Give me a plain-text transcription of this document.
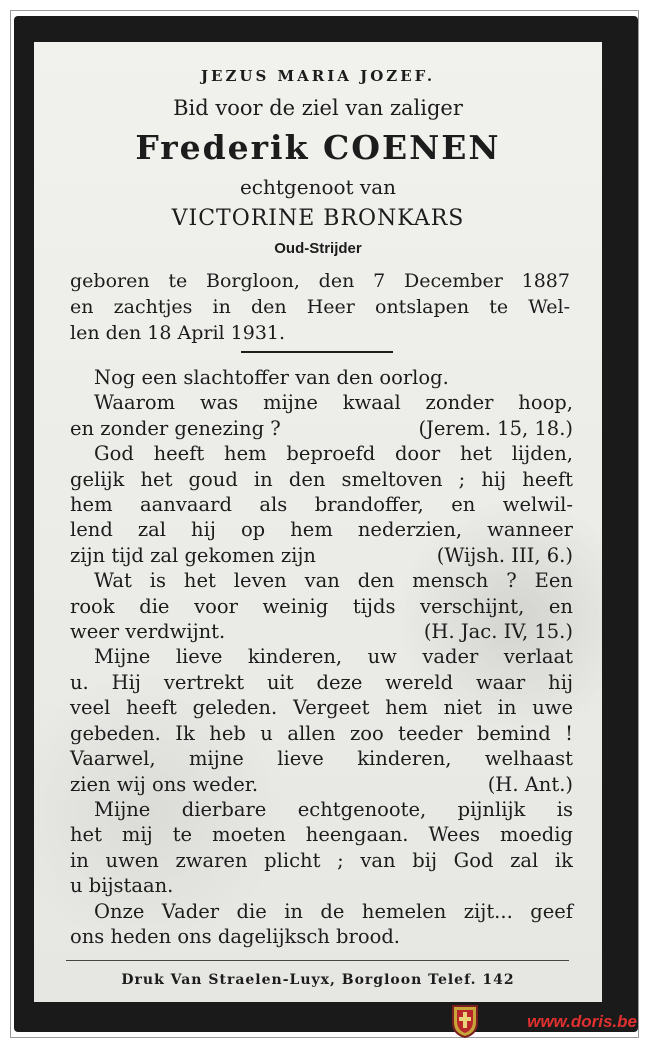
JEZUS MARIA JOZEF.

Bid voor de ziel van zaliger

Frederik COENEN

echtgenoot van

VICTORINE BRONKARS

Oud-Strijder

geboren te Borgloon, den 7 December 1887
en zachtjes in den Heer ontslapen te Wel-
len den 18 April 1931.
Nog een slachtoffer van den oorlog.
Waarom was mijne kwaal zonder hoop,
en zonder genezing ?	(Jerem. 15, 18.)
God heeft hem beproefd door het lijden,
gelijk het goud in den smeltoven ; hij heeft
hem aanvaard als brandoffer, en welwil-
lend zal hij op hem nederzien, wanneer
zijn tijd zal gekomen zijn	(Wijsh. III, 6.)
Wat is het leven van den mensch ? Een
rook die voor weinig tijds verschijnt, en
weer verdwijnt.	(H. Jac. IV, 15.)
Mijne lieve kinderen, uw vader verlaat
u. Hij vertrekt uit deze wereld waar hij
veel heeft geleden. Vergeet hem niet in uwe
gebeden. Ik heb u allen zoo teeder bemind !
Vaarwel, mijne lieve kinderen, welhaast
zien wij ons weder.	(H. Ant.)
Mijne dierbare echtgenoote, pijnlijk is
het mij te moeten heengaan. Wees moedig
in uwen zwaren plicht ; van bij God zal ik
u bijstaan.
Onze Vader die in de hemelen zijt... geef
ons heden ons dagelijksch brood.
Druk Van Straelen-Luyx, Borgloon Telef. 142
www.doris.be
